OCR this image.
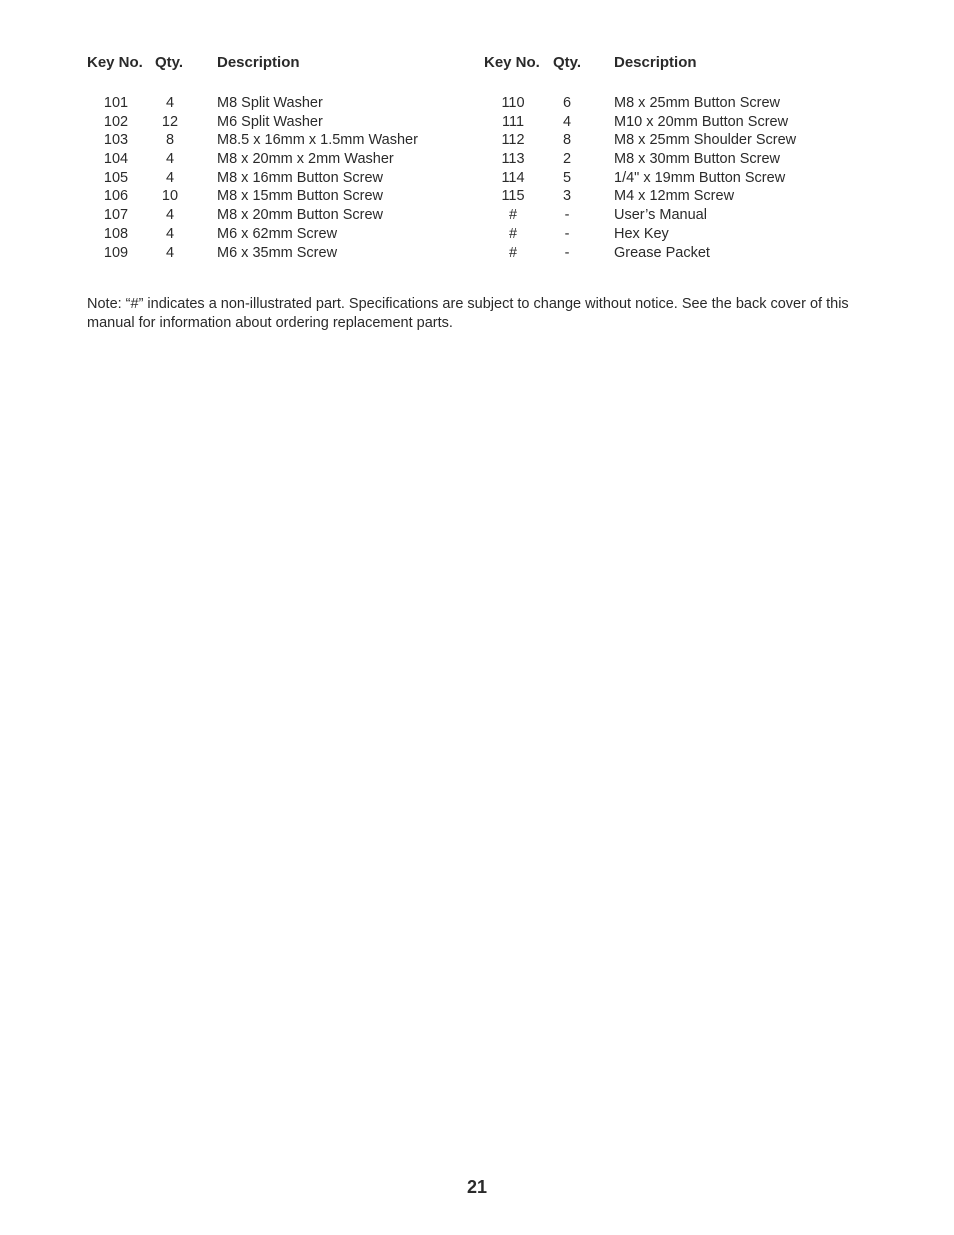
Key No. Qty. Description
101	4	M8 Split Washer
102	12	M6 Split Washer
103	8	M8.5 x 16mm x 1.5mm Washer
104	4	M8 x 20mm x 2mm Washer
105	4	M8 x 16mm Button Screw
106	10	M8 x 15mm Button Screw
107	4	M8 x 20mm Button Screw
108	4	M6 x 62mm Screw
109	4	M6 x 35mm Screw
Key No. Qty. Description
110	6	M8 x 25mm Button Screw
111	4	M10 x 20mm Button Screw
112	8	M8 x 25mm Shoulder Screw
113	2	M8 x 30mm Button Screw
114	5	1/4" x 19mm Button Screw
115	3	M4 x 12mm Screw
#	-	User’s Manual
#	-	Hex Key
#	-	Grease Packet

Note: “#” indicates a non-illustrated part. Specifications are subject to change without notice. See the back cover of this manual for information about ordering replacement parts.

21
